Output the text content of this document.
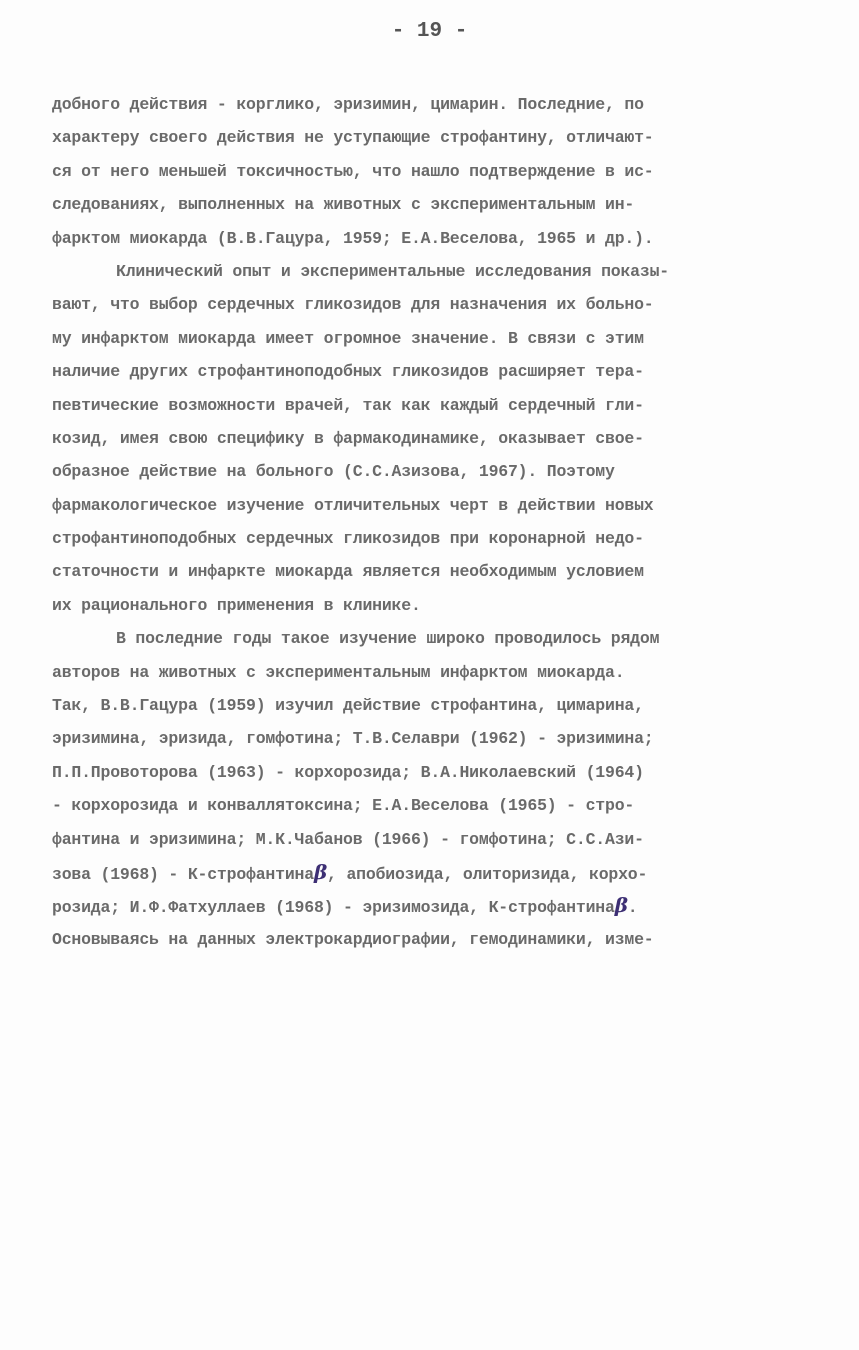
- 19 -
добного действия - корглико, эризимин, цимарин. Последние, по
характеру своего действия не уступающие строфантину, отличают-
ся от него меньшей токсичностью, что нашло подтверждение в ис-
следованиях, выполненных на животных с экспериментальным ин-
фарктом миокарда (В.В.Гацура, 1959; Е.А.Веселова, 1965 и др.).
Клинический опыт и экспериментальные исследования показы-
вают, что выбор сердечных гликозидов для назначения их больно-
му инфарктом миокарда имеет огромное значение. В связи с этим
наличие других строфантиноподобных гликозидов расширяет тера-
певтические возможности врачей, так как каждый сердечный гли-
козид, имея свою специфику в фармакодинамике, оказывает свое-
образное действие на больного (С.С.Азизова, 1967). Поэтому
фармакологическое изучение отличительных черт в действии новых
строфантиноподобных сердечных гликозидов при коронарной недо-
статочности и инфаркте миокарда является необходимым условием
их рационального применения в клинике.
В последние годы такое изучение широко проводилось рядом
авторов на животных с экспериментальным инфарктом миокарда.
Так, В.В.Гацура (1959) изучил действие строфантина, цимарина,
эризимина, эризида, гомфотина; Т.В.Селаври (1962) - эризимина;
П.П.Провоторова (1963) - корхорозида; В.А.Николаевский (1964)
- корхорозида и конваллятоксина; Е.А.Веселова (1965) - стро-
фантина и эризимина; М.К.Чабанов (1966) - гомфотина; С.С.Ази-
зова (1968) - К-строфантинаβ, апобиозида, олиторизида, корхо-
розида; И.Ф.Фатхуллаев (1968) - эризимозида, К-строфантинаβ.
Основываясь на данных электрокардиографии, гемодинамики, изме-
